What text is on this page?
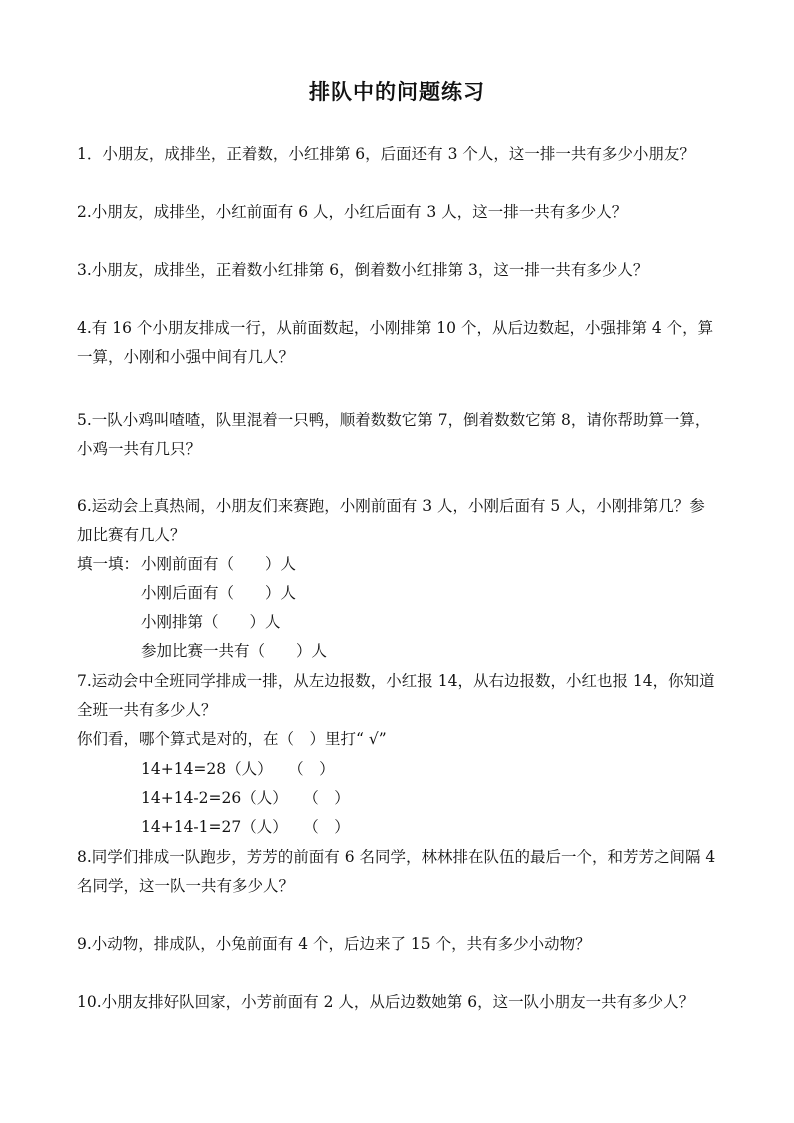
排队中的问题练习
1．小朋友，成排坐，正着数，小红排第 6，后面还有 3 个人，这一排一共有多少小朋友？
2.小朋友，成排坐，小红前面有 6 人，小红后面有 3 人，这一排一共有多少人？
3.小朋友，成排坐，正着数小红排第 6，倒着数小红排第 3，这一排一共有多少人？
4.有 16 个小朋友排成一行，从前面数起，小刚排第 10 个，从后边数起，小强排第 4 个，算
一算，小刚和小强中间有几人？
5.一队小鸡叫喳喳，队里混着一只鸭，顺着数数它第 7，倒着数数它第 8，请你帮助算一算，
小鸡一共有几只？
6.运动会上真热闹，小朋友们来赛跑，小刚前面有 3 人，小刚后面有 5 人，小刚排第几？参
加比赛有几人？
填一填： 小刚前面有（　　）人
小刚后面有（　　）人
小刚排第（　　）人
参加比赛一共有（　　）人
7.运动会中全班同学排成一排，从左边报数，小红报 14，从右边报数，小红也报 14，你知道
全班一共有多少人？
你们看，哪个算式是对的，在（　）里打“ √”
14+14=28（人）　　（　）
14+14-2=26（人）　　（　）
14+14-1=27（人）　　（　）
8.同学们排成一队跑步，芳芳的前面有 6 名同学，林林排在队伍的最后一个，和芳芳之间隔 4
名同学，这一队一共有多少人？
9.小动物，排成队，小兔前面有 4 个，后边来了 15 个，共有多少小动物？
10.小朋友排好队回家，小芳前面有 2 人，从后边数她第 6，这一队小朋友一共有多少人？
